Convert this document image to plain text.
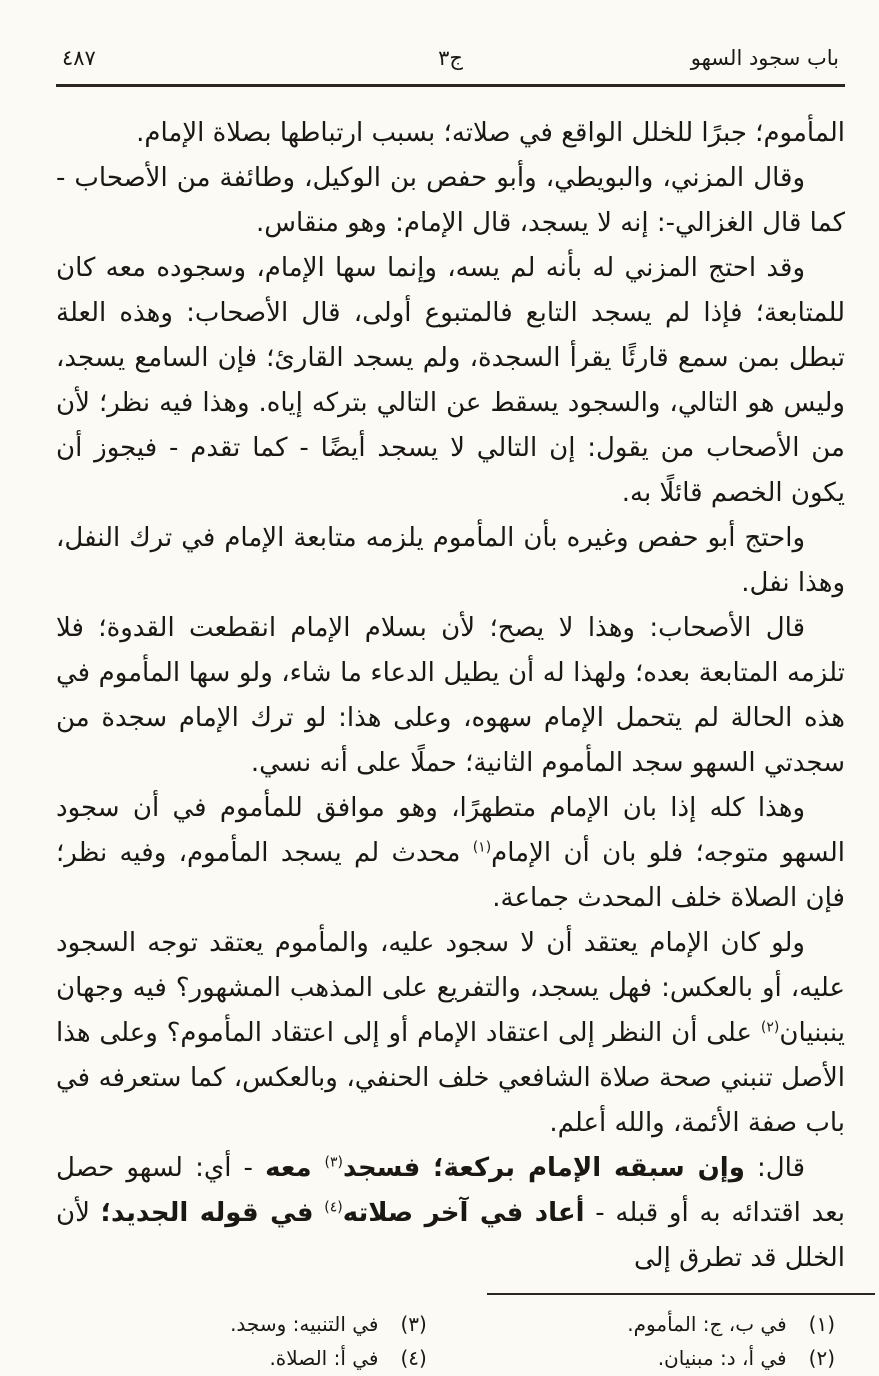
باب سجود السهو
ج٣
٤٨٧

المأموم؛ جبرًا للخلل الواقع في صلاته؛ بسبب ارتباطها بصلاة الإمام.

وقال المزني، والبويطي، وأبو حفص بن الوكيل، وطائفة من الأصحاب - كما قال الغزالي-: إنه لا يسجد، قال الإمام: وهو منقاس.

وقد احتج المزني له بأنه لم يسه، وإنما سها الإمام، وسجوده معه كان للمتابعة؛ فإذا لم يسجد التابع فالمتبوع أولى، قال الأصحاب: وهذه العلة تبطل بمن سمع قارئًا يقرأ السجدة، ولم يسجد القارئ؛ فإن السامع يسجد، وليس هو التالي، والسجود يسقط عن التالي بتركه إياه. وهذا فيه نظر؛ لأن من الأصحاب من يقول: إن التالي لا يسجد أيضًا - كما تقدم - فيجوز أن يكون الخصم قائلًا به.

واحتج أبو حفص وغيره بأن المأموم يلزمه متابعة الإمام في ترك النفل، وهذا نفل.

قال الأصحاب: وهذا لا يصح؛ لأن بسلام الإمام انقطعت القدوة؛ فلا تلزمه المتابعة بعده؛ ولهذا له أن يطيل الدعاء ما شاء، ولو سها المأموم في هذه الحالة لم يتحمل الإمام سهوه، وعلى هذا: لو ترك الإمام سجدة من سجدتي السهو سجد المأموم الثانية؛ حملًا على أنه نسي.

وهذا كله إذا بان الإمام متطهرًا، وهو موافق للمأموم في أن سجود السهو متوجه؛ فلو بان أن الإمام$^{(١)}$ محدث لم يسجد المأموم، وفيه نظر؛ فإن الصلاة خلف المحدث جماعة.

ولو كان الإمام يعتقد أن لا سجود عليه، والمأموم يعتقد توجه السجود عليه، أو بالعكس: فهل يسجد، والتفريع على المذهب المشهور؟ فيه وجهان ينبنيان$^{(٢)}$ على أن النظر إلى اعتقاد الإمام أو إلى اعتقاد المأموم؟ وعلى هذا الأصل تنبني صحة صلاة الشافعي خلف الحنفي، وبالعكس، كما ستعرفه في باب صفة الأئمة، والله أعلم.

قال: وإن سبقه الإمام بركعة؛ فسجد$^{(٣)}$ معه - أي: لسهو حصل بعد اقتدائه به أو قبله - أعاد في آخر صلاته$^{(٤)}$ في قوله الجديد؛ لأن الخلل قد تطرق إلى

(١)في ب، ج: المأموم.
(٢)في أ، د: مبنيان.
(٣)في التنبيه: وسجد.
(٤)في أ: الصلاة.
